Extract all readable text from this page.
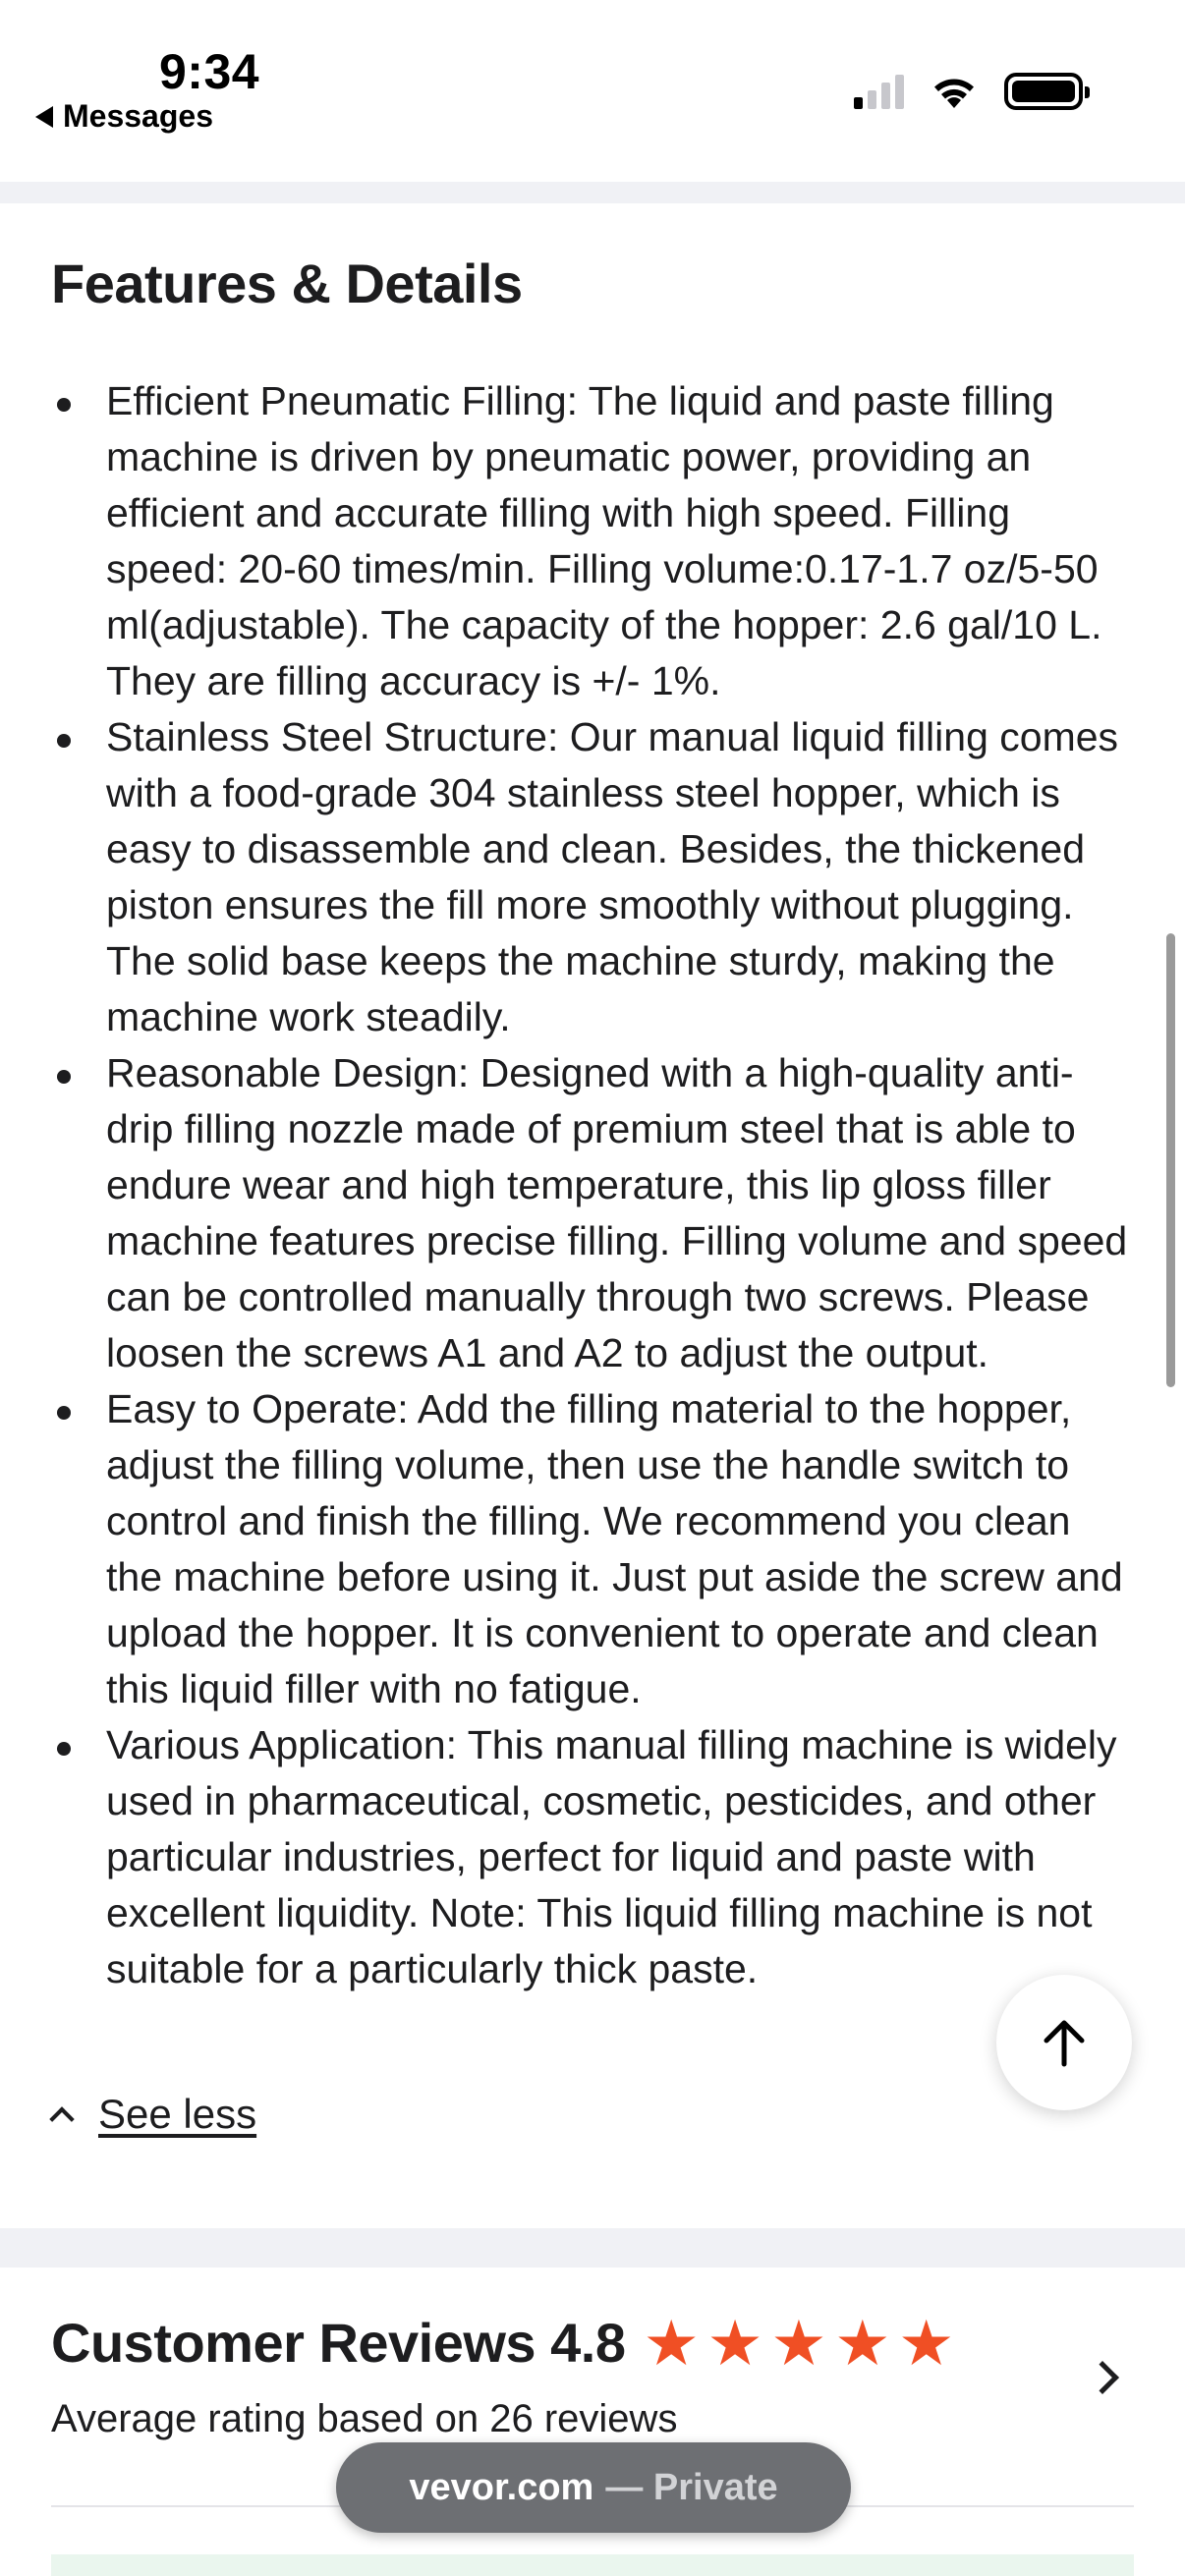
9:34
Messages
Features & Details
Efficient Pneumatic Filling: The liquid and paste filling machine is driven by pneumatic power, providing an efficient and accurate filling with high speed. Filling speed: 20-60 times/min. Filling volume:0.17-1.7 oz/5-50 ml(adjustable). The capacity of the hopper: 2.6 gal/10 L. They are filling accuracy is +/- 1%.
Stainless Steel Structure: Our manual liquid filling comes with a food-grade 304 stainless steel hopper, which is easy to disassemble and clean. Besides, the thickened piston ensures the fill more smoothly without plugging. The solid base keeps the machine sturdy, making the machine work steadily.
Reasonable Design: Designed with a high-quality anti-drip filling nozzle made of premium steel that is able to endure wear and high temperature, this lip gloss filler machine features precise filling. Filling volume and speed can be controlled manually through two screws. Please loosen the screws A1 and A2 to adjust the output.
Easy to Operate: Add the filling material to the hopper, adjust the filling volume, then use the handle switch to control and finish the filling. We recommend you clean the machine before using it. Just put aside the screw and upload the hopper. It is convenient to operate and clean this liquid filler with no fatigue.
Various Application: This manual filling machine is widely used in pharmaceutical, cosmetic, pesticides, and other particular industries, perfect for liquid and paste with excellent liquidity. Note: This liquid filling machine is not suitable for a particularly thick paste.
See less
Customer Reviews 4.8 ★ ★ ★ ★ ★
Average rating based on 26 reviews
vevor.com — Private
